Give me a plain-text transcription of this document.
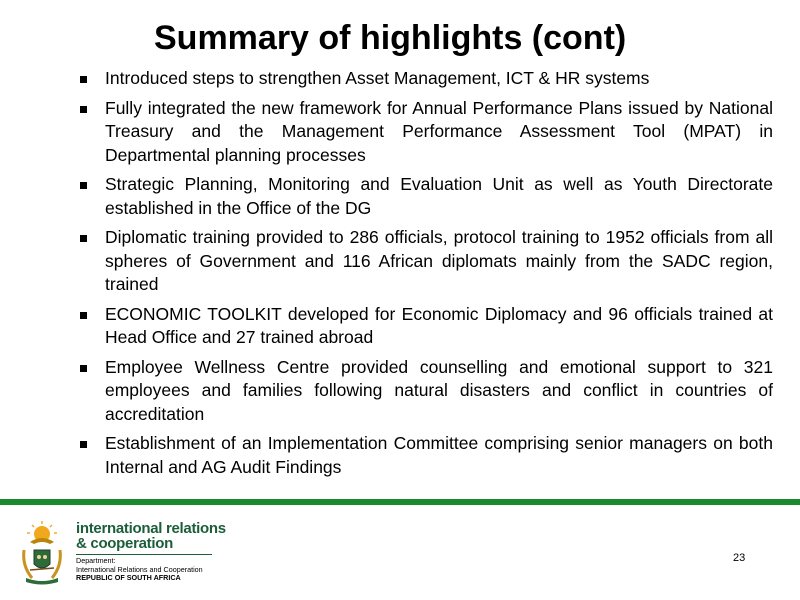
Summary of highlights (cont)
Introduced steps to strengthen Asset Management, ICT & HR systems
Fully integrated the new framework for Annual Performance Plans issued by National Treasury and the Management Performance Assessment Tool (MPAT) in Departmental planning processes
Strategic Planning, Monitoring and Evaluation Unit as well as Youth Directorate established in the Office of the DG
Diplomatic training provided to 286 officials, protocol training to 1952 officials from all spheres of Government and 116 African diplomats mainly from the SADC region, trained
ECONOMIC TOOLKIT developed for Economic Diplomacy and 96 officials trained at Head Office and 27 trained abroad
Employee Wellness Centre provided counselling and emotional support to 321 employees and families following natural disasters and conflict in countries of accreditation
Establishment of an Implementation Committee comprising senior managers on both Internal and AG Audit Findings
international relations
& cooperation
Department:
International Relations and Cooperation
REPUBLIC OF SOUTH AFRICA
23
